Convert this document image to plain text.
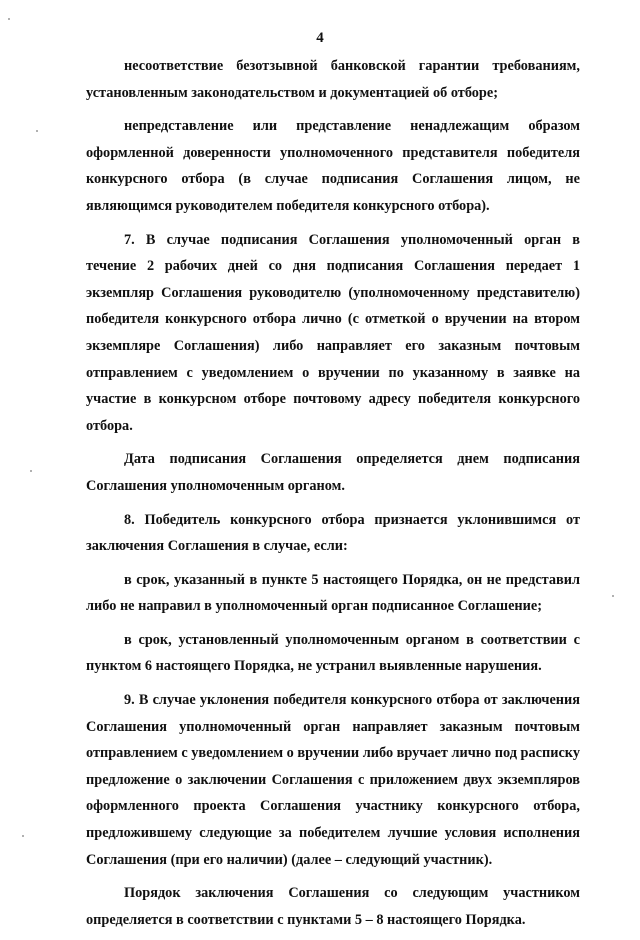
4

несоответствие безотзывной банковской гарантии требованиям, установленным законодательством и документацией об отборе;

непредставление или представление ненадлежащим образом оформленной доверенности уполномоченного представителя победителя конкурсного отбора (в случае подписания Соглашения лицом, не являющимся руководителем победителя конкурсного отбора).

7. В случае подписания Соглашения уполномоченный орган в течение 2 рабочих дней со дня подписания Соглашения передает 1 экземпляр Соглашения руководителю (уполномоченному представителю) победителя конкурсного отбора лично (с отметкой о вручении на втором экземпляре Соглашения) либо направляет его заказным почтовым отправлением с уведомлением о вручении по указанному в заявке на участие в конкурсном отборе почтовому адресу победителя конкурсного отбора.

Дата подписания Соглашения определяется днем подписания Соглашения уполномоченным органом.

8. Победитель конкурсного отбора признается уклонившимся от заключения Соглашения в случае, если:

в срок, указанный в пункте 5 настоящего Порядка, он не представил либо не направил в уполномоченный орган подписанное Соглашение;

в срок, установленный уполномоченным органом в соответствии с пунктом 6 настоящего Порядка, не устранил выявленные нарушения.

9. В случае уклонения победителя конкурсного отбора от заключения Соглашения уполномоченный орган направляет заказным почтовым отправлением с уведомлением о вручении либо вручает лично под расписку предложение о заключении Соглашения с приложением двух экземпляров оформленного проекта Соглашения участнику конкурсного отбора, предложившему следующие за победителем лучшие условия исполнения Соглашения (при его наличии) (далее – следующий участник).

Порядок заключения Соглашения со следующим участником определяется в соответствии с пунктами 5 – 8 настоящего Порядка.
